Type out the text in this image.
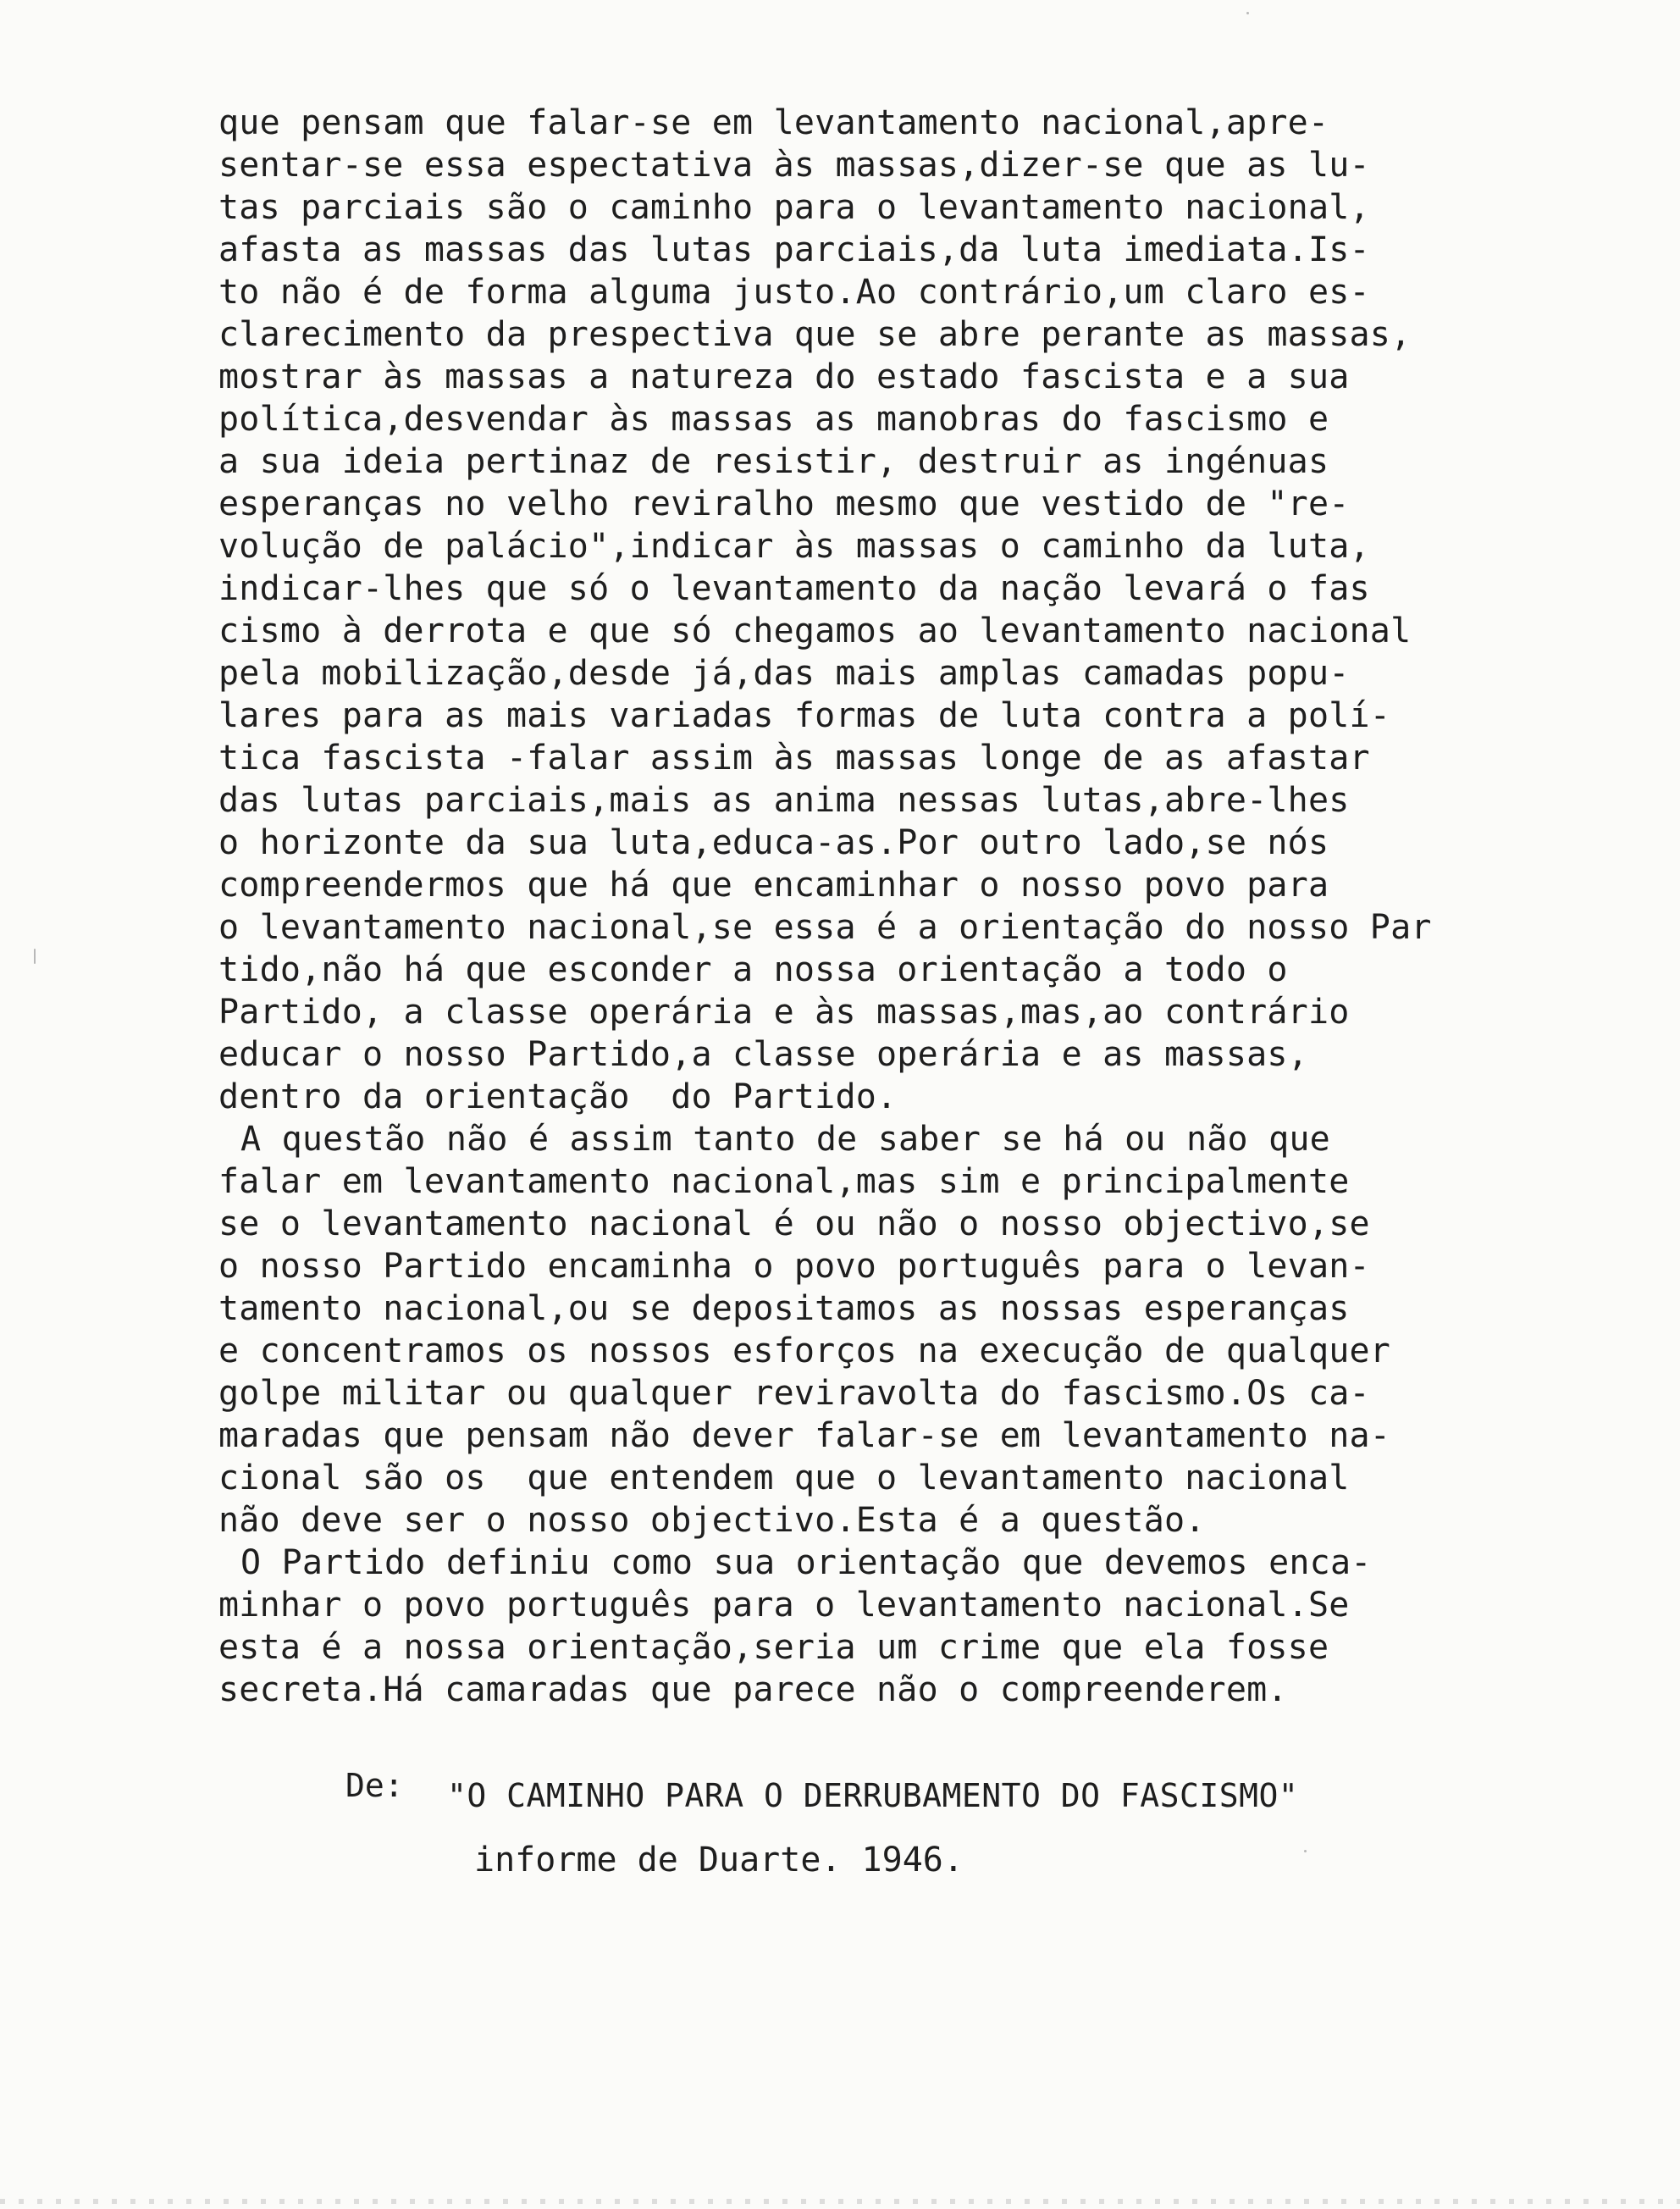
que pensam que falar-se em levantamento nacional,apre-
sentar-se essa espectativa às massas,dizer-se que as lu-
tas parciais são o caminho para o levantamento nacional,
afasta as massas das lutas parciais,da luta imediata.Is-
to não é de forma alguma justo.Ao contrário,um claro es-
clarecimento da prespectiva que se abre perante as massas,
mostrar às massas a natureza do estado fascista e a sua
política,desvendar às massas as manobras do fascismo e
a sua ideia pertinaz de resistir, destruir as ingénuas
esperanças no velho reviralho mesmo que vestido de "re-
volução de palácio",indicar às massas o caminho da luta,
indicar-lhes que só o levantamento da nação levará o fas
cismo à derrota e que só chegamos ao levantamento nacional
pela mobilização,desde já,das mais amplas camadas popu-
lares para as mais variadas formas de luta contra a polí-
tica fascista -falar assim às massas longe de as afastar
das lutas parciais,mais as anima nessas lutas,abre-lhes
o horizonte da sua luta,educa-as.Por outro lado,se nós
compreendermos que há que encaminhar o nosso povo para
o levantamento nacional,se essa é a orientação do nosso Par
tido,não há que esconder a nossa orientação a todo o
Partido, a classe operária e às massas,mas,ao contrário
educar o nosso Partido,a classe operária e as massas,
dentro da orientação  do Partido.
A questão não é assim tanto de saber se há ou não que
falar em levantamento nacional,mas sim e principalmente
se o levantamento nacional é ou não o nosso objectivo,se
o nosso Partido encaminha o povo português para o levan-
tamento nacional,ou se depositamos as nossas esperanças
e concentramos os nossos esforços na execução de qualquer
golpe militar ou qualquer reviravolta do fascismo.Os ca-
maradas que pensam não dever falar-se em levantamento na-
cional são os  que entendem que o levantamento nacional
não deve ser o nosso objectivo.Esta é a questão.
O Partido definiu como sua orientação que devemos enca-
minhar o povo português para o levantamento nacional.Se
esta é a nossa orientação,seria um crime que ela fosse
secreta.Há camaradas que parece não o compreenderem.
De: "O CAMINHO PARA O DERRUBAMENTO DO FASCISMO"
informe de Duarte. 1946.
